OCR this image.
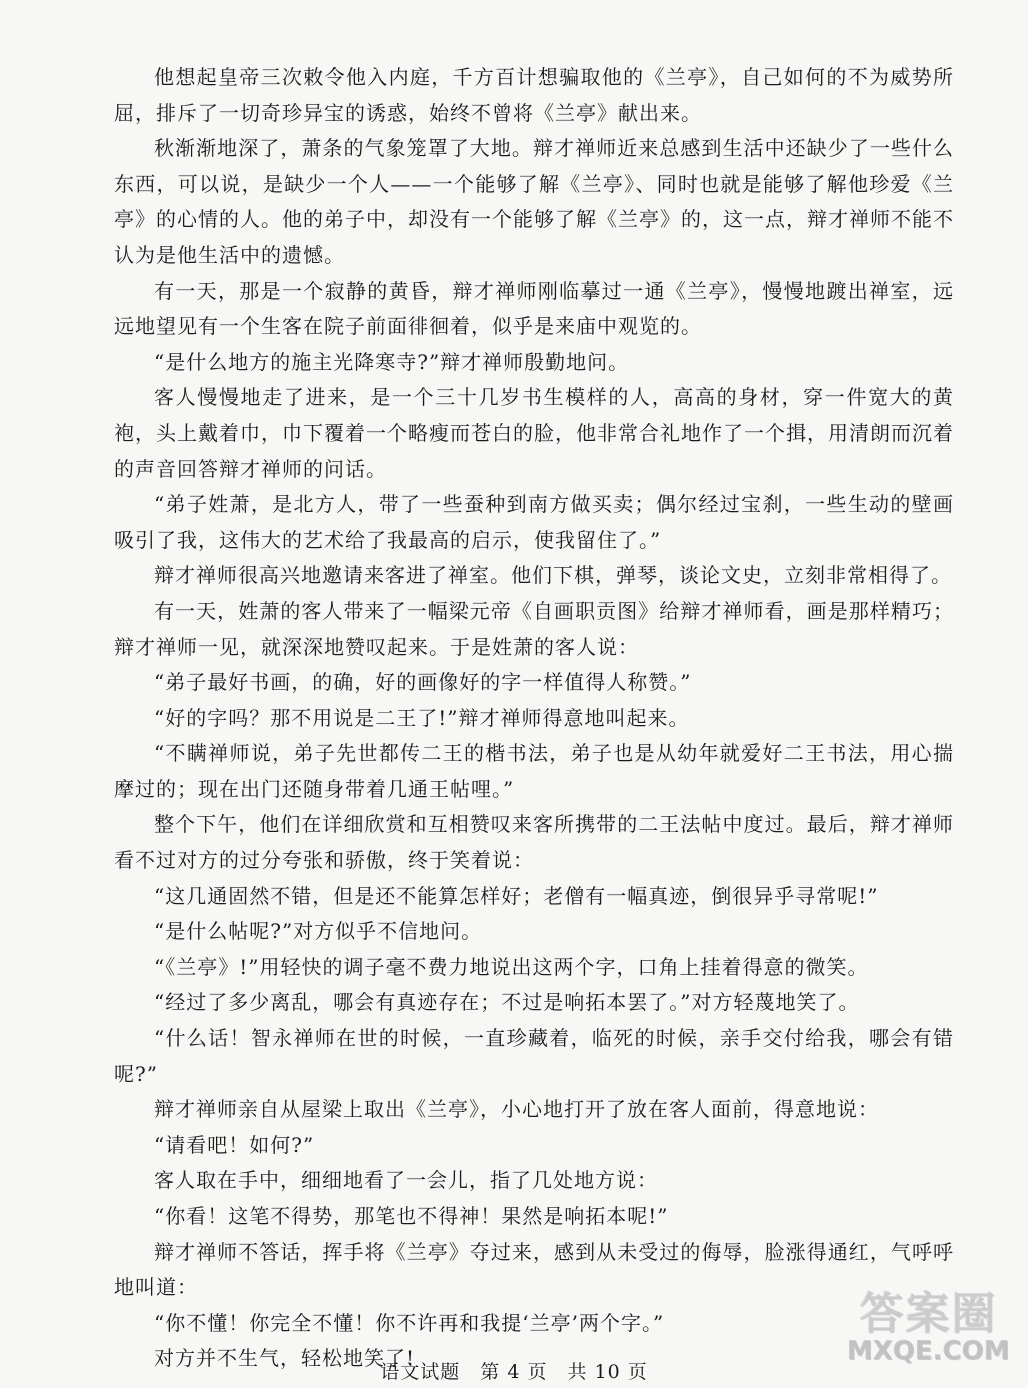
他想起皇帝三次敕令他入内庭，千方百计想骗取他的《兰亭》，自己如何的不为威势所屈，排斥了一切奇珍异宝的诱惑，始终不曾将《兰亭》献出来。

秋渐渐地深了，萧条的气象笼罩了大地。辩才禅师近来总感到生活中还缺少了一些什么东西，可以说，是缺少一个人——一个能够了解《兰亭》、同时也就是能够了解他珍爱《兰亭》的心情的人。他的弟子中，却没有一个能够了解《兰亭》的，这一点，辩才禅师不能不认为是他生活中的遗憾。

有一天，那是一个寂静的黄昏，辩才禅师刚临摹过一通《兰亭》，慢慢地踱出禅室，远远地望见有一个生客在院子前面徘徊着，似乎是来庙中观览的。

“是什么地方的施主光降寒寺?”辩才禅师殷勤地问。

客人慢慢地走了进来，是一个三十几岁书生模样的人，高高的身材，穿一件宽大的黄袍，头上戴着巾，巾下覆着一个略瘦而苍白的脸，他非常合礼地作了一个揖，用清朗而沉着的声音回答辩才禅师的问话。

“弟子姓萧，是北方人，带了一些蚕种到南方做买卖；偶尔经过宝刹，一些生动的壁画吸引了我，这伟大的艺术给了我最高的启示，使我留住了。”

辩才禅师很高兴地邀请来客进了禅室。他们下棋，弹琴，谈论文史，立刻非常相得了。

有一天，姓萧的客人带来了一幅梁元帝《自画职贡图》给辩才禅师看，画是那样精巧；辩才禅师一见，就深深地赞叹起来。于是姓萧的客人说：

“弟子最好书画，的确，好的画像好的字一样值得人称赞。”

“好的字吗？那不用说是二王了!”辩才禅师得意地叫起来。

“不瞒禅师说，弟子先世都传二王的楷书法，弟子也是从幼年就爱好二王书法，用心揣摩过的；现在出门还随身带着几通王帖哩。”

整个下午，他们在详细欣赏和互相赞叹来客所携带的二王法帖中度过。最后，辩才禅师看不过对方的过分夸张和骄傲，终于笑着说：

“这几通固然不错，但是还不能算怎样好；老僧有一幅真迹，倒很异乎寻常呢!”

“是什么帖呢?”对方似乎不信地问。

“《兰亭》!”用轻快的调子毫不费力地说出这两个字，口角上挂着得意的微笑。

“经过了多少离乱，哪会有真迹存在；不过是响拓本罢了。”对方轻蔑地笑了。

“什么话！智永禅师在世的时候，一直珍藏着，临死的时候，亲手交付给我，哪会有错呢?”

辩才禅师亲自从屋梁上取出《兰亭》，小心地打开了放在客人面前，得意地说：

“请看吧！如何?”

客人取在手中，细细地看了一会儿，指了几处地方说：

“你看！这笔不得势，那笔也不得神！果然是响拓本呢!”

辩才禅师不答话，挥手将《兰亭》夺过来，感到从未受过的侮辱，脸涨得通红，气呼呼地叫道：

“你不懂！你完全不懂！你不许再和我提‘兰亭’两个字。”

对方并不生气，轻松地笑了!

语文试题　第 4 页　共 10 页
答案圈
MXQE.COM
